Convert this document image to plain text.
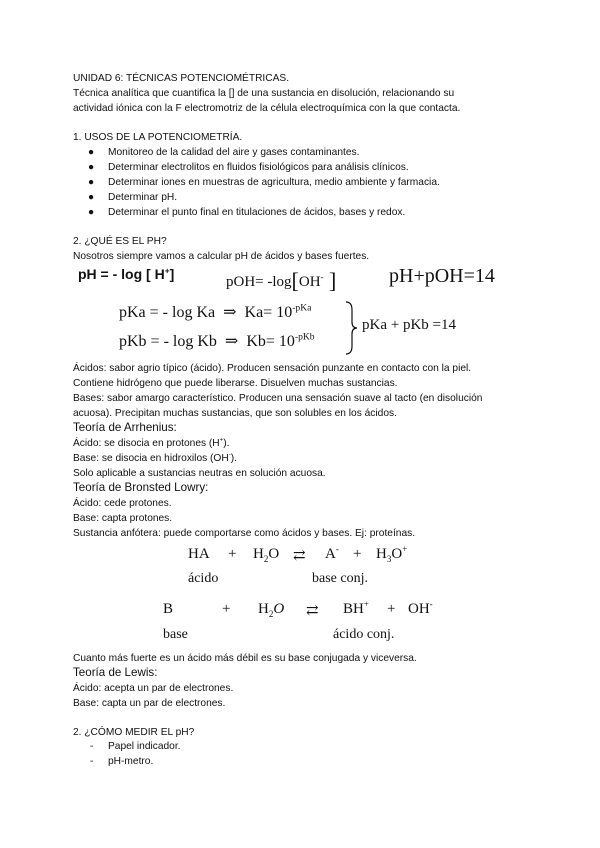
UNIDAD 6: TÉCNICAS POTENCIOMÉTRICAS.
Técnica analítica que cuantifica la [] de una sustancia en disolución, relacionando su
actividad iónica con la F electromotriz de la célula electroquímica con la que contacta.
1. USOS DE LA POTENCIOMETRÍA.
● Monitoreo de la calidad del aire y gases contaminantes.
● Determinar electrolitos en fluidos fisiológicos para análisis clínicos.
● Determinar iones en muestras de agricultura, medio ambiente y farmacia.
● Determinar pH.
● Determinar el punto final en titulaciones de ácidos, bases y redox.
2. ¿QUÉ ES EL PH?
Nosotros siempre vamos a calcular pH de ácidos y bases fuertes.
pH = - log [ H+]	pOH= -log[OH- ]	pH+pOH=14
pKa = - log Ka ⇒ $Ka= 10^{-pKa}$
pKb = - log Kb ⇒ $Kb= 10^{-pKb}$
pKa + pKb =14
Ácidos: sabor agrio típico (ácido). Producen sensación punzante en contacto con la piel.
Contiene hidrógeno que puede liberarse. Disuelven muchas sustancias.
Bases: sabor amargo característico. Producen una sensación suave al tacto (en disolución
acuosa). Precipitan muchas sustancias, que son solubles en los ácidos.
Teoría de Arrhenius:
Ácido: se disocia en protones (H+).
Base: se disocia en hidroxilos (OH-).
Solo aplicable a sustancias neutras en solución acuosa.
Teoría de Bronsted Lowry:
Ácido: cede protones.
Base: capta protones.
Sustancia anfótera: puede comportarse como ácidos y bases. Ej: proteínas.
HA + $H_2O$ ⇄ $A^- + H_3O^+$
ácido	base conj.
B	+ $H_2O$ ⇄ BH+ + OH-
base	ácido conj.
Cuanto más fuerte es un ácido más débil es su base conjugada y viceversa.
Teoría de Lewis:
Ácido: acepta un par de electrones.
Base: capta un par de electrones.
2. ¿CÓMO MEDIR EL pH?
- Papel indicador.
- pH-metro.
